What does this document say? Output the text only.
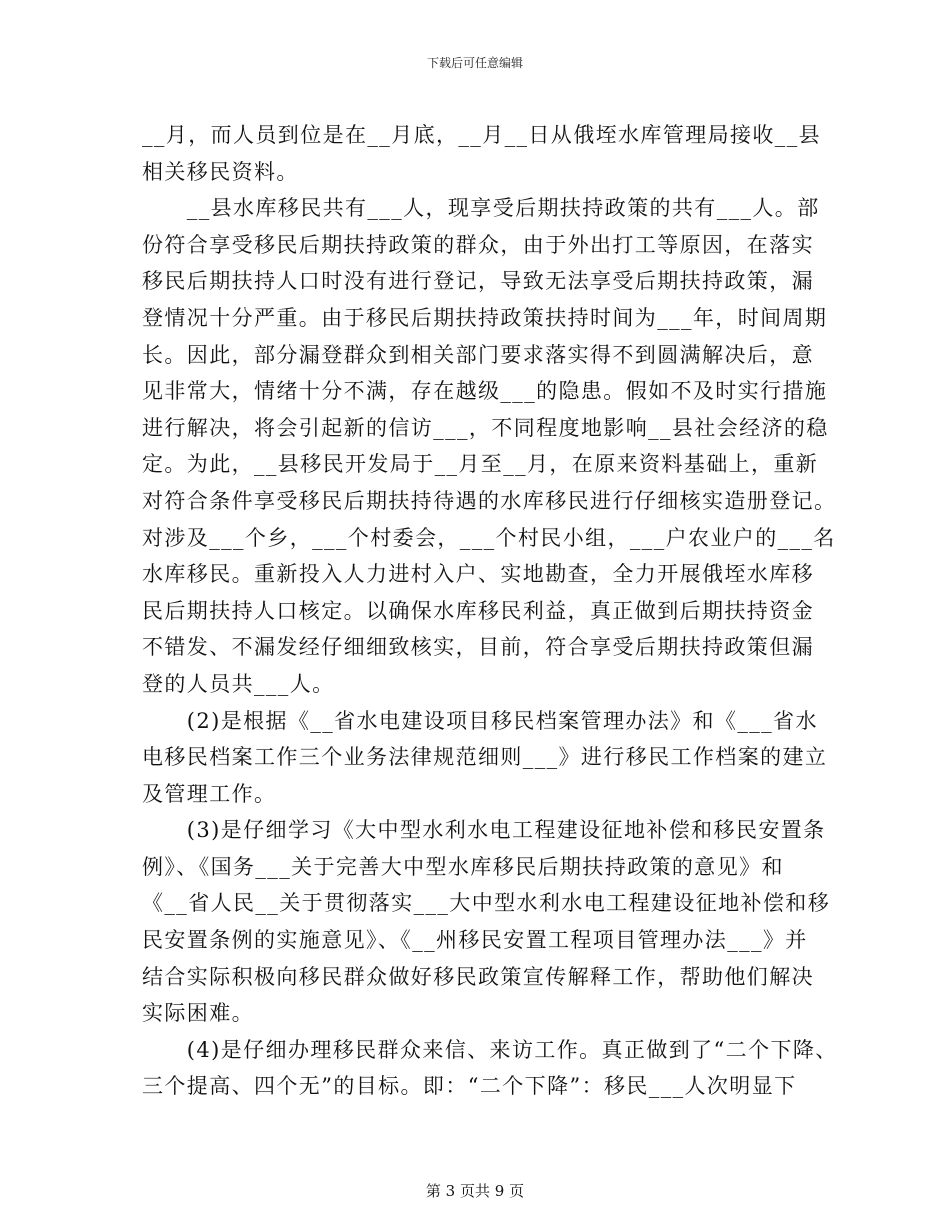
下载后可任意编辑
__月，而人员到位是在__月底，__月__日从俄垤水库管理局接收__县
相关移民资料。
　　__县水库移民共有___人，现享受后期扶持政策的共有___人。部
份符合享受移民后期扶持政策的群众，由于外出打工等原因，在落实
移民后期扶持人口时没有进行登记，导致无法享受后期扶持政策，漏
登情况十分严重。由于移民后期扶持政策扶持时间为___年，时间周期
长。因此，部分漏登群众到相关部门要求落实得不到圆满解决后，意
见非常大，情绪十分不满，存在越级___的隐患。假如不及时实行措施
进行解决，将会引起新的信访___，不同程度地影响__县社会经济的稳
定。为此，__县移民开发局于__月至__月，在原来资料基础上，重新
对符合条件享受移民后期扶持待遇的水库移民进行仔细核实造册登记。
对涉及___个乡，___个村委会，___个村民小组，___户农业户的___名
水库移民。重新投入人力进村入户、实地勘查，全力开展俄垤水库移
民后期扶持人口核定。以确保水库移民利益，真正做到后期扶持资金
不错发、不漏发经仔细细致核实，目前，符合享受后期扶持政策但漏
登的人员共___人。
　　(2)是根据《__省水电建设项目移民档案管理办法》和《___省水
电移民档案工作三个业务法律规范细则___》进行移民工作档案的建立
及管理工作。
　　(3)是仔细学习《大中型水利水电工程建设征地补偿和移民安置条
例》、《国务___关于完善大中型水库移民后期扶持政策的意见》和
《__省人民__关于贯彻落实___大中型水利水电工程建设征地补偿和移
民安置条例的实施意见》、《__州移民安置工程项目管理办法___》并
结合实际积极向移民群众做好移民政策宣传解释工作，帮助他们解决
实际困难。
　　(4)是仔细办理移民群众来信、来访工作。真正做到了“二个下降、
三个提高、四个无”的目标。即：“二个下降”：移民___人次明显下
第 3 页共 9 页
